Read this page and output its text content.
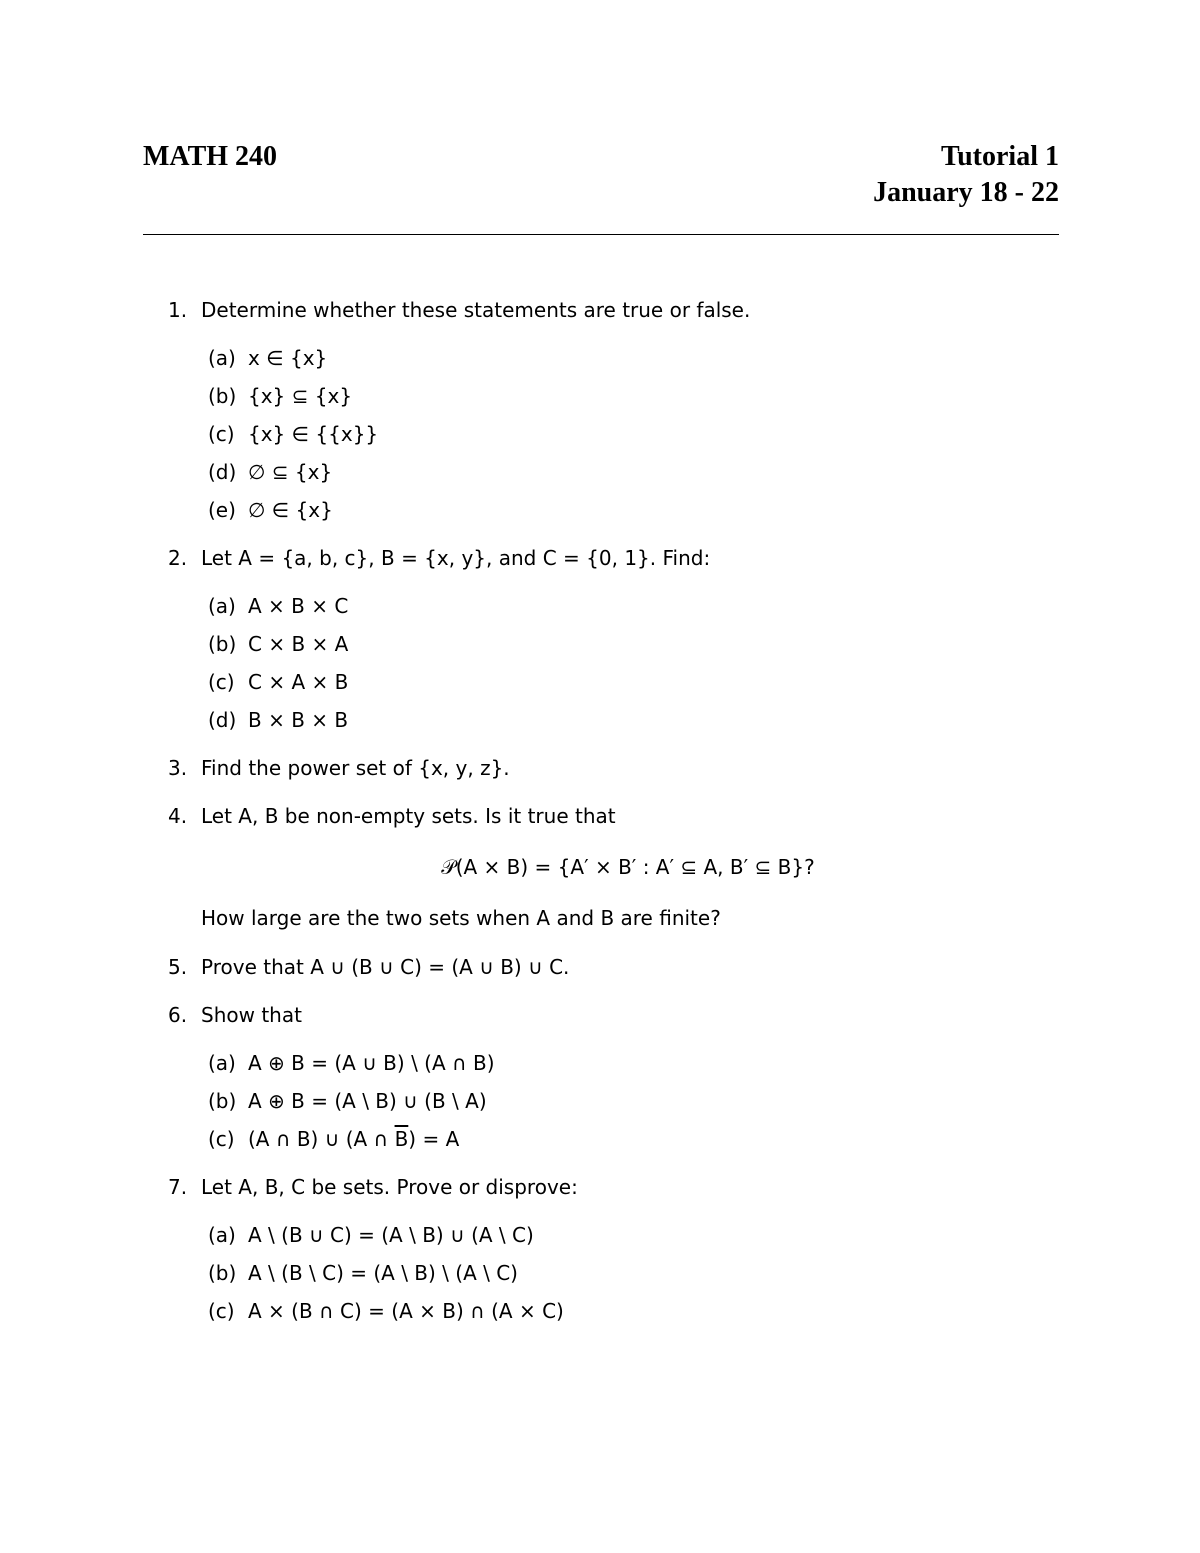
MATH 240	Tutorial 1
January 18 - 22
1. Determine whether these statements are true or false.
(a) x ∈ {x}
(b) {x} ⊆ {x}
(c) {x} ∈ {{x}}
(d) ∅ ⊆ {x}
(e) ∅ ∈ {x}
2. Let A = {a, b, c}, B = {x, y}, and C = {0, 1}. Find:
(a) A × B × C
(b) C × B × A
(c) C × A × B
(d) B × B × B
3. Find the power set of {x, y, z}.
4. Let A, B be non-empty sets. Is it true that
𝒫(A × B) = {A′ × B′ : A′ ⊆ A, B′ ⊆ B}?
How large are the two sets when A and B are finite?
5. Prove that A ∪ (B ∪ C) = (A ∪ B) ∪ C.
6. Show that
(a) A ⊕ B = (A ∪ B) \ (A ∩ B)
(b) A ⊕ B = (A \ B) ∪ (B \ A)
(c) (A ∩ B) ∪ (A ∩ $\overline{B}) = A$
7. Let A, B, C be sets. Prove or disprove:
(a) A \ (B ∪ C) = (A \ B) ∪ (A \ C)
(b) A \ (B \ C) = (A \ B) \ (A \ C)
(c) A × (B ∩ C) = (A × B) ∩ (A × C)
